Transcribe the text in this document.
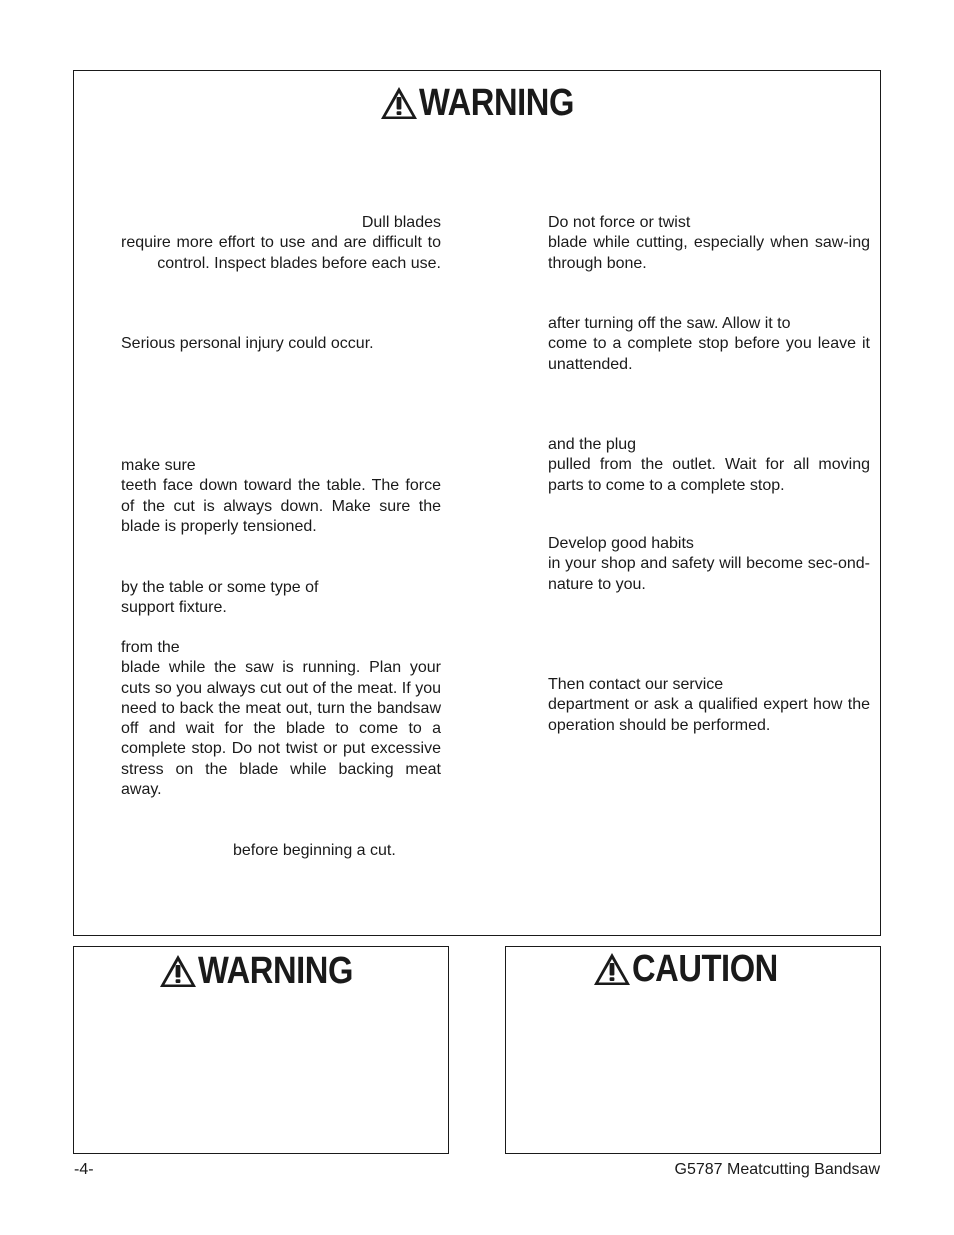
WARNING
Dull blades
require more effort to use and are difficult to control. Inspect blades before each use.
Serious personal injury could occur.
make sure
teeth face down toward the table. The force of the cut is always down. Make sure the blade is properly tensioned.
by the table or some type of
support fixture.
from the
blade while the saw is running. Plan your cuts so you always cut out of the meat. If you need to back the meat out, turn the bandsaw off and wait for the blade to come to a complete stop. Do not twist or put excessive stress on the blade while backing meat away.
before beginning a cut.
Do not force or twist
blade while cutting, especially when saw-ing through bone.
after turning off the saw. Allow it to
come to a complete stop before you leave it unattended.
and the plug
pulled from the outlet. Wait for all moving parts to come to a complete stop.
Develop good habits
in your shop and safety will become sec-ond-nature to you.
Then contact our service
department or ask a qualified expert how the operation should be performed.
WARNING	CAUTION
-4-	G5787 Meatcutting Bandsaw
